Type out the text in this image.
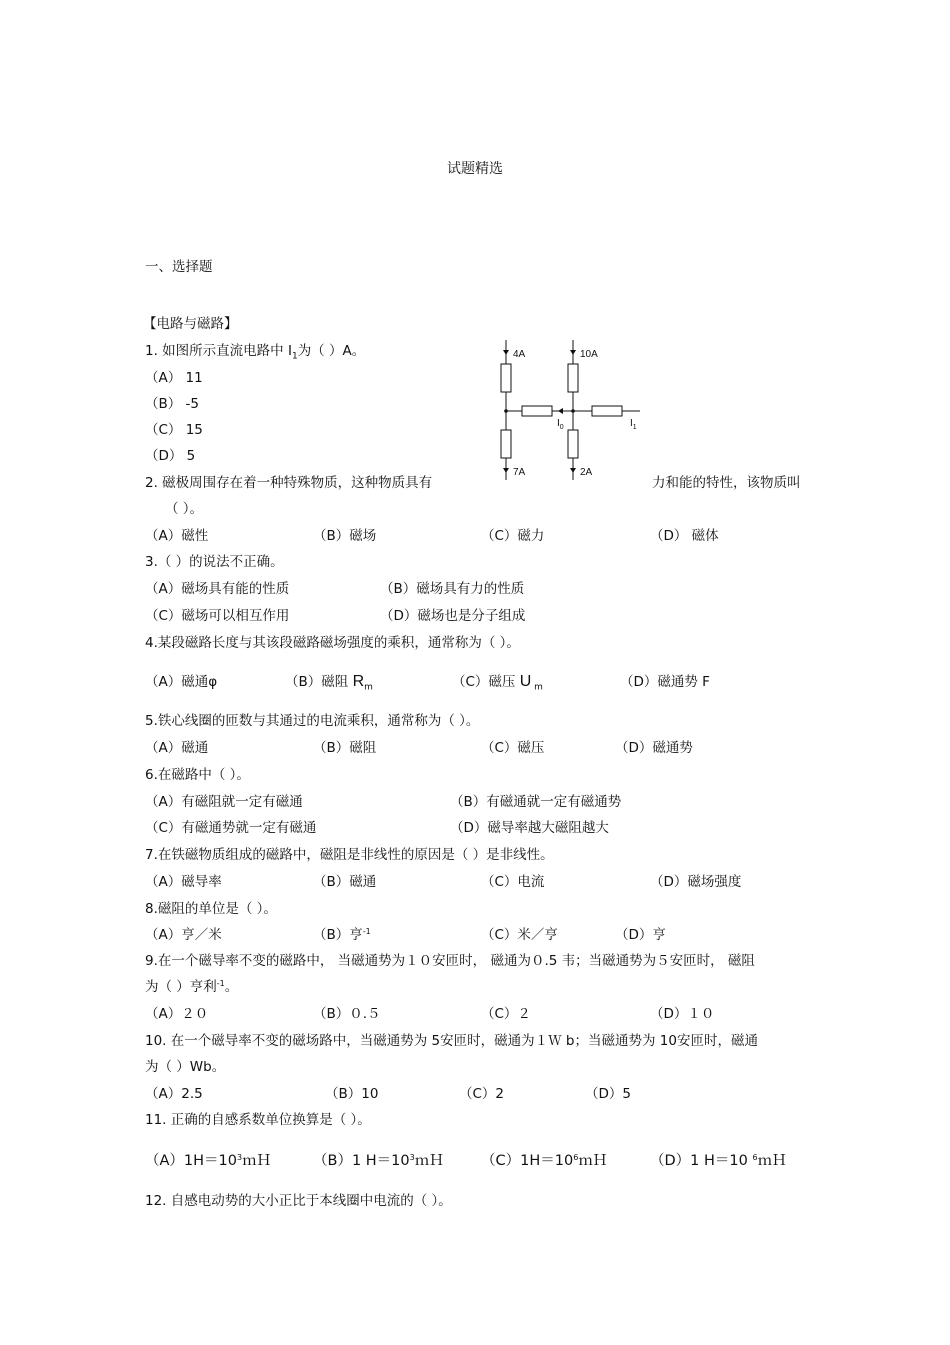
试题精选
一、选择题
【电路与磁路】
1. 如图所示直流电路中 $I_1$为（ ）A。
（A） 11
（B） -5
（C） 15
（D） 5
4A	10A
7A	2A
$I_0$	$I_1$
2. 磁极周围存在着一种特殊物质，这种物质具有	力和能的特性，该物质叫
（ ）。
（A）磁性	（B）磁场	（C）磁力	（D） 磁体
3.（ ）的说法不正确。
（A）磁场具有能的性质	（B）磁场具有力的性质
（C）磁场可以相互作用	（D）磁场也是分子组成
4.某段磁路长度与其该段磁路磁场强度的乘积，通常称为（ ）。
（A）磁通φ	（B）磁阻 $R_m$	（C）磁压 U $_m$	（D）磁通势 F
5.铁心线圈的匝数与其通过的电流乘积，通常称为（ ）。
（A）磁通	（B）磁阻	（C）磁压	（D）磁通势
6.在磁路中（ ）。
（A）有磁阻就一定有磁通	（B）有磁通就一定有磁通势
（C）有磁通势就一定有磁通	（D）磁导率越大磁阻越大
7.在铁磁物质组成的磁路中，磁阻是非线性的原因是（ ）是非线性。
（A）磁导率	（B）磁通	（C）电流	（D）磁场强度
8.磁阻的单位是（ ）。
（A）亨／米	（B）亨$^{-1}$	（C）米／亨	（D）亨
9.在一个磁导率不变的磁路中， 当磁通势为１０安匝时， 磁通为０.5 韦；当磁通势为５安匝时， 磁阻
为（ ）亨利$^{-1}$。
（A）２０	（B）０.５	（C）２	（D）１０
10. 在一个磁导率不变的磁场路中，当磁通势为 5安匝时，磁通为１Ｗ b；当磁通势为 10安匝时，磁通
为（ ）Wb。
（A）2.5	（B）10	（C）2	（D）5
11. 正确的自感系数单位换算是（ ）。
$(A)1H=10^3mH$	（B）1 $H=10^3mH$	$(C)1H=10^6mH$	（D）1 H＝10 $^6$ｍＨ
12. 自感电动势的大小正比于本线圈中电流的（ ）。
